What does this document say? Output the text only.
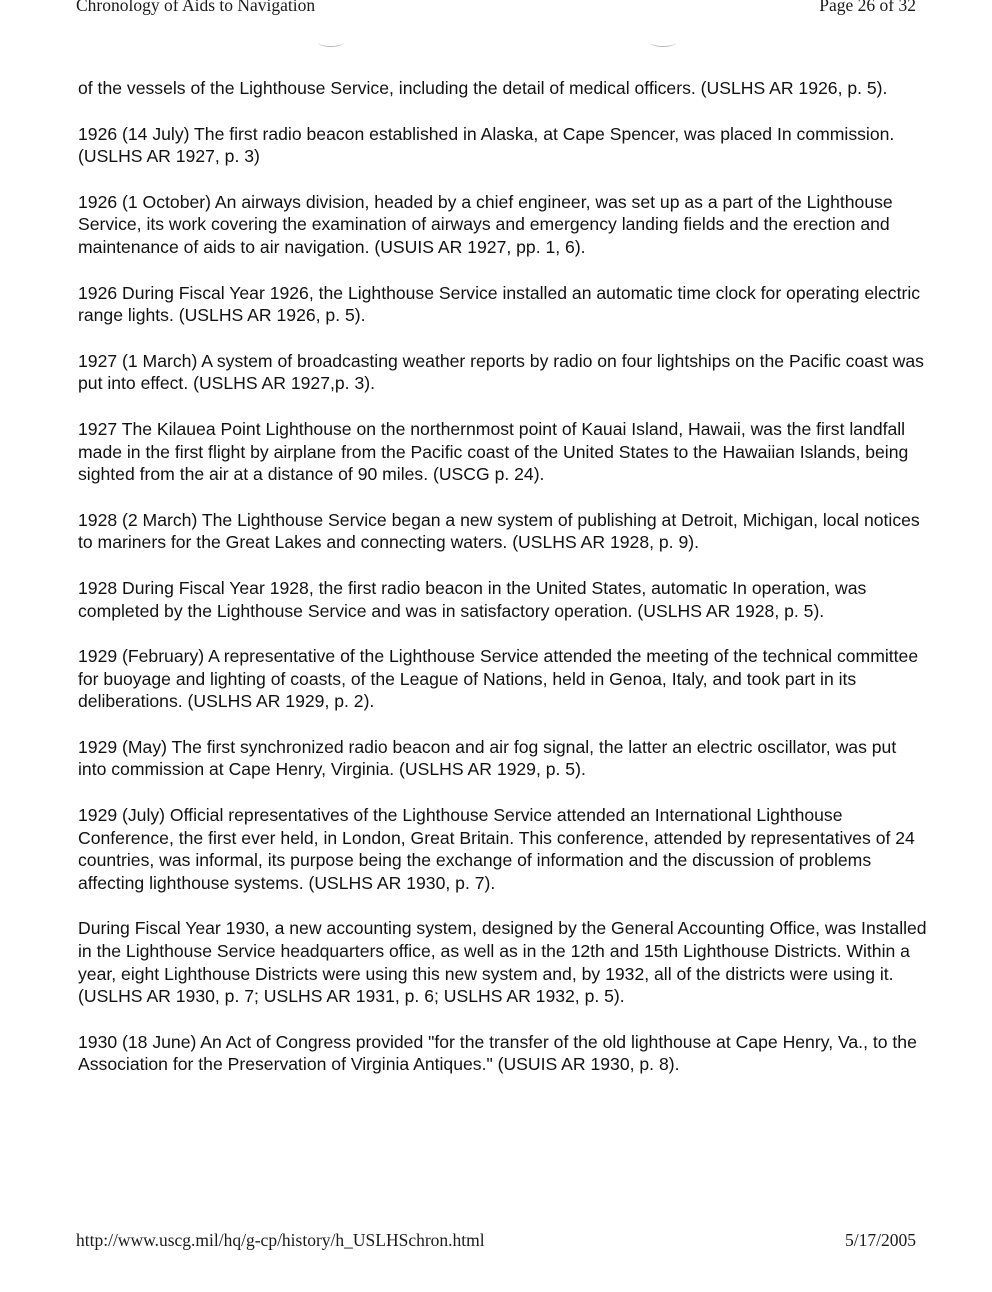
Chronology of Aids to Navigation	Page 26 of 32

of the vessels of the Lighthouse Service, including the detail of medical officers. (USLHS AR 1926, p. 5).

1926 (14 July) The first radio beacon established in Alaska, at Cape Spencer, was placed In commission. (USLHS AR 1927, p. 3)

1926 (1 October) An airways division, headed by a chief engineer, was set up as a part of the Lighthouse Service, its work covering the examination of airways and emergency landing fields and the erection and maintenance of aids to air navigation. (USUIS AR 1927, pp. 1, 6).

1926 During Fiscal Year 1926, the Lighthouse Service installed an automatic time clock for operating electric range lights. (USLHS AR 1926, p. 5).

1927 (1 March) A system of broadcasting weather reports by radio on four lightships on the Pacific coast was put into effect. (USLHS AR 1927,p. 3).

1927 The Kilauea Point Lighthouse on the northernmost point of Kauai Island, Hawaii, was the first landfall made in the first flight by airplane from the Pacific coast of the United States to the Hawaiian Islands, being sighted from the air at a distance of 90 miles. (USCG p. 24).

1928 (2 March) The Lighthouse Service began a new system of publishing at Detroit, Michigan, local notices to mariners for the Great Lakes and connecting waters. (USLHS AR 1928, p. 9).

1928 During Fiscal Year 1928, the first radio beacon in the United States, automatic In operation, was completed by the Lighthouse Service and was in satisfactory operation. (USLHS AR 1928, p. 5).

1929 (February) A representative of the Lighthouse Service attended the meeting of the technical committee for buoyage and lighting of coasts, of the League of Nations, held in Genoa, Italy, and took part in its deliberations. (USLHS AR 1929, p. 2).

1929 (May) The first synchronized radio beacon and air fog signal, the latter an electric oscillator, was put into commission at Cape Henry, Virginia. (USLHS AR 1929, p. 5).

1929 (July) Official representatives of the Lighthouse Service attended an International Lighthouse Conference, the first ever held, in London, Great Britain. This conference, attended by representatives of 24 countries, was informal, its purpose being the exchange of information and the discussion of problems affecting lighthouse systems. (USLHS AR 1930, p. 7).

During Fiscal Year 1930, a new accounting system, designed by the General Accounting Office, was Installed in the Lighthouse Service headquarters office, as well as in the 12th and 15th Lighthouse Districts. Within a year, eight Lighthouse Districts were using this new system and, by 1932, all of the districts were using it. (USLHS AR 1930, p. 7; USLHS AR 1931, p. 6; USLHS AR 1932, p. 5).

1930 (18 June) An Act of Congress provided "for the transfer of the old lighthouse at Cape Henry, Va., to the Association for the Preservation of Virginia Antiques." (USUIS AR 1930, p. 8).

http://www.uscg.mil/hq/g-cp/history/h_USLHSchron.html	5/17/2005
